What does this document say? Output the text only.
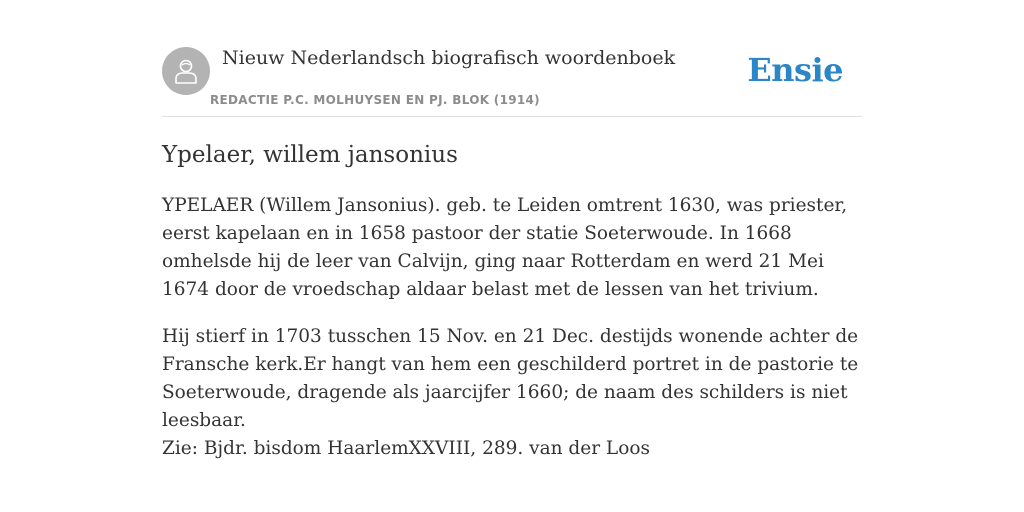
Nieuw Nederlandsch biografisch woordenboek
REDACTIE P.C. MOLHUYSEN EN PJ. BLOK (1914)
Ensie
Ypelaer, willem jansonius

YPELAER (Willem Jansonius). geb. te Leiden omtrent 1630, was priester, eerst kapelaan en in 1658 pastoor der statie Soeterwoude. In 1668 omhelsde hij de leer van Calvijn, ging naar Rotterdam en werd 21 Mei 1674 door de vroedschap aldaar belast met de lessen van het trivium.

Hij stierf in 1703 tusschen 15 Nov. en 21 Dec. destijds wonende achter de Fransche kerk.Er hangt van hem een geschilderd portret in de pastorie te Soeterwoude, dragende als jaarcijfer 1660; de naam des schilders is niet leesbaar.

Zie: Bjdr. bisdom HaarlemXXVIII, 289. van der Loos
